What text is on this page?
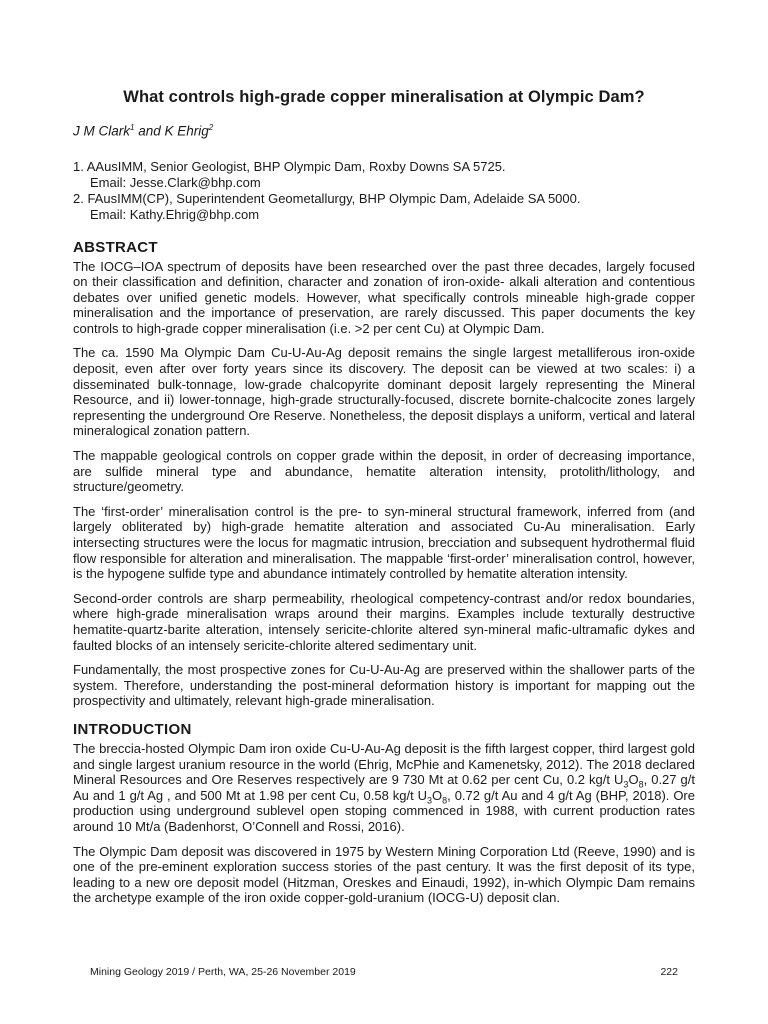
What controls high-grade copper mineralisation at Olympic Dam?
J M Clark$^1$ and K Ehrig$^2$
1. AAusIMM, Senior Geologist, BHP Olympic Dam, Roxby Downs SA 5725.
Email: Jesse.Clark@bhp.com
2. FAusIMM(CP), Superintendent Geometallurgy, BHP Olympic Dam, Adelaide SA 5000.
Email: Kathy.Ehrig@bhp.com
ABSTRACT

The IOCG–IOA spectrum of deposits have been researched over the past three decades, largely focused on their classification and definition, character and zonation of iron-oxide- alkali alteration and contentious debates over unified genetic models. However, what specifically controls mineable high-grade copper mineralisation and the importance of preservation, are rarely discussed. This paper documents the key controls to high-grade copper mineralisation (i.e. >2 per cent Cu) at Olympic Dam.

The ca. 1590 Ma Olympic Dam Cu-U-Au-Ag deposit remains the single largest metalliferous iron-oxide deposit, even after over forty years since its discovery. The deposit can be viewed at two scales: i) a disseminated bulk-tonnage, low-grade chalcopyrite dominant deposit largely representing the Mineral Resource, and ii) lower-tonnage, high-grade structurally-focused, discrete bornite-chalcocite zones largely representing the underground Ore Reserve. Nonetheless, the deposit displays a uniform, vertical and lateral mineralogical zonation pattern.

The mappable geological controls on copper grade within the deposit, in order of decreasing importance, are sulfide mineral type and abundance, hematite alteration intensity, protolith/lithology, and structure/geometry.

The ‘first-order’ mineralisation control is the pre- to syn-mineral structural framework, inferred from (and largely obliterated by) high-grade hematite alteration and associated Cu-Au mineralisation. Early intersecting structures were the locus for magmatic intrusion, brecciation and subsequent hydrothermal fluid flow responsible for alteration and mineralisation. The mappable ‘first-order’ mineralisation control, however, is the hypogene sulfide type and abundance intimately controlled by hematite alteration intensity.

Second-order controls are sharp permeability, rheological competency-contrast and/or redox boundaries, where high-grade mineralisation wraps around their margins. Examples include texturally destructive hematite-quartz-barite alteration, intensely sericite-chlorite altered syn-mineral mafic-ultramafic dykes and faulted blocks of an intensely sericite-chlorite altered sedimentary unit.

Fundamentally, the most prospective zones for Cu-U-Au-Ag are preserved within the shallower parts of the system. Therefore, understanding the post-mineral deformation history is important for mapping out the prospectivity and ultimately, relevant high-grade mineralisation.

INTRODUCTION

The breccia-hosted Olympic Dam iron oxide Cu-U-Au-Ag deposit is the fifth largest copper, third largest gold and single largest uranium resource in the world (Ehrig, McPhie and Kamenetsky, 2012). The 2018 declared Mineral Resources and Ore Reserves respectively are 9 730 Mt at 0.62 per cent Cu, 0.2 kg/t $U_3O_8$, 0.27 g/t Au and 1 g/t Ag , and 500 Mt at 1.98 per cent Cu, 0.58 kg/t $U_3O_8$, 0.72 g/t Au and 4 g/t Ag (BHP, 2018). Ore production using underground sublevel open stoping commenced in 1988, with current production rates around 10 Mt/a (Badenhorst, O’Connell and Rossi, 2016).

The Olympic Dam deposit was discovered in 1975 by Western Mining Corporation Ltd (Reeve, 1990) and is one of the pre-eminent exploration success stories of the past century. It was the first deposit of its type, leading to a new ore deposit model (Hitzman, Oreskes and Einaudi, 1992), in-which Olympic Dam remains the archetype example of the iron oxide copper-gold-uranium (IOCG-U) deposit clan.

Mining Geology 2019 / Perth, WA, 25-26 November 2019	222
